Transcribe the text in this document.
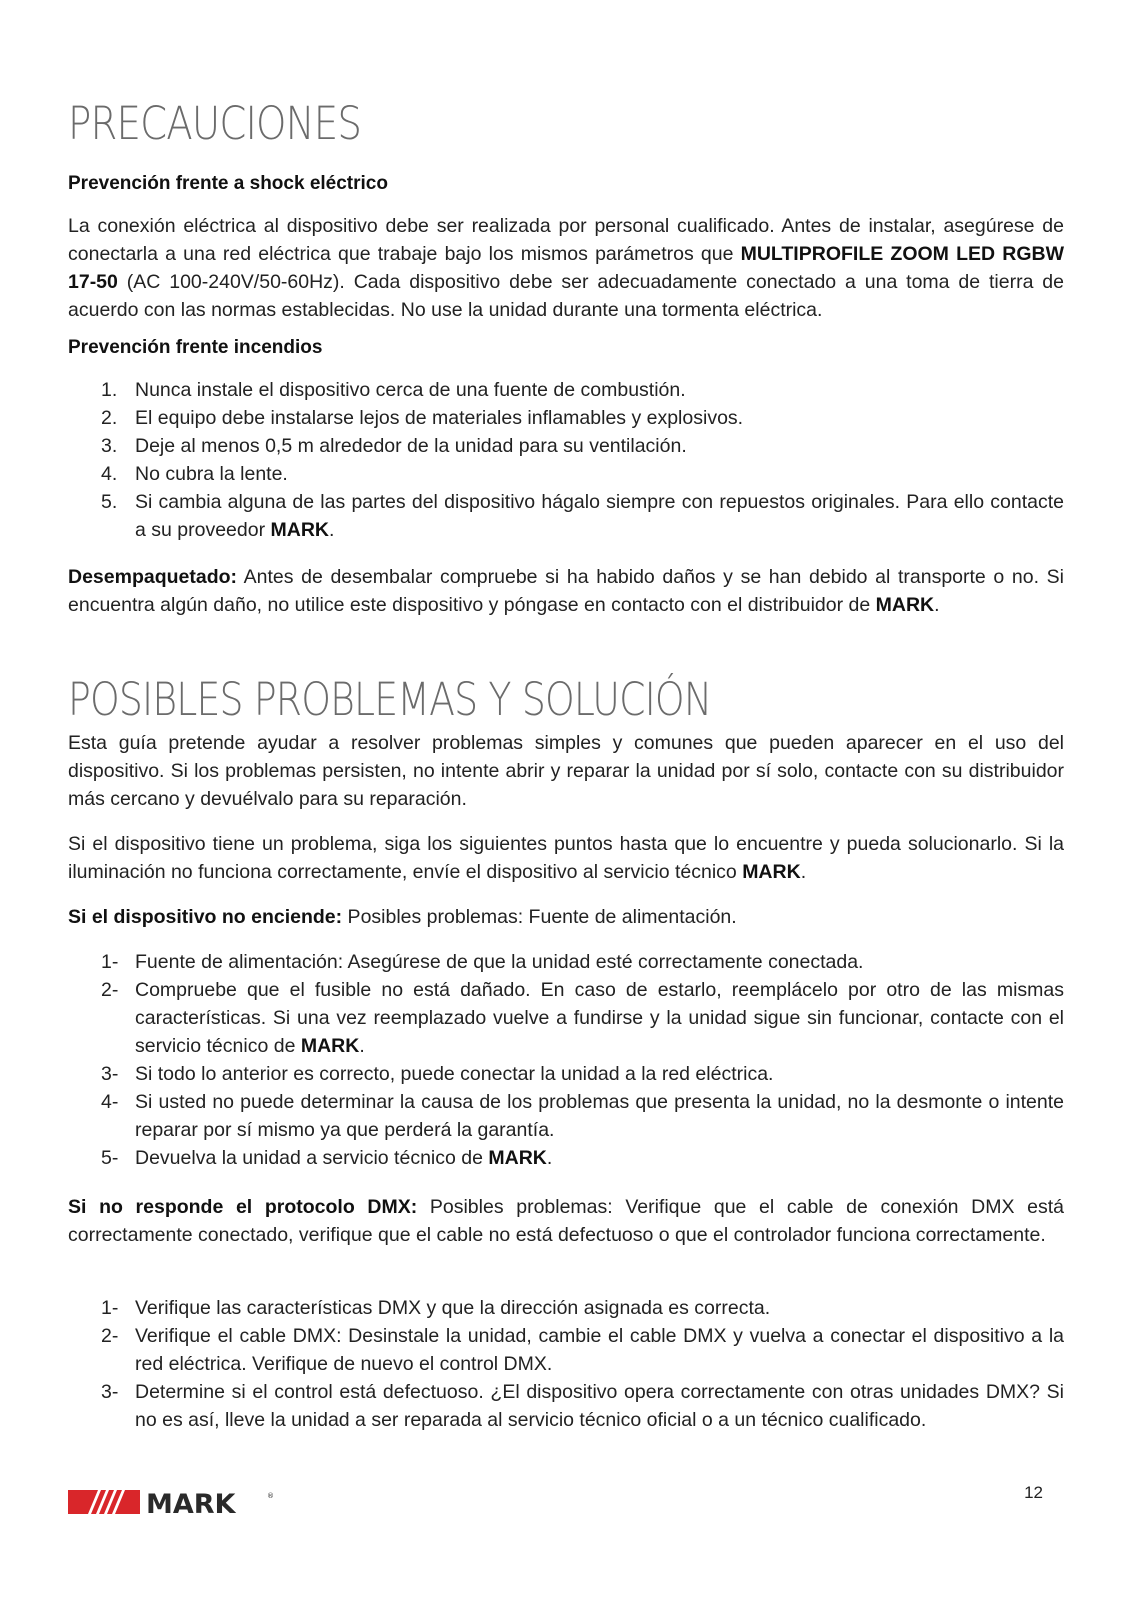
PRECAUCIONES
Prevención frente a shock eléctrico

La conexión eléctrica al dispositivo debe ser realizada por personal cualificado. Antes de instalar, asegúrese de conectarla a una red eléctrica que trabaje bajo los mismos parámetros que MULTIPROFILE ZOOM LED RGBW 17-50 (AC 100-240V/50-60Hz). Cada dispositivo debe ser adecuadamente conectado a una toma de tierra de acuerdo con las normas establecidas. No use la unidad durante una tormenta eléctrica.

Prevención frente incendios
1. Nunca instale el dispositivo cerca de una fuente de combustión.
2. El equipo debe instalarse lejos de materiales inflamables y explosivos.
3. Deje al menos 0,5 m alrededor de la unidad para su ventilación.
4. No cubra la lente.
5. Si cambia alguna de las partes del dispositivo hágalo siempre con repuestos originales. Para ello contacte a su proveedor MARK.

Desempaquetado: Antes de desembalar compruebe si ha habido daños y se han debido al transporte o no. Si encuentra algún daño, no utilice este dispositivo y póngase en contacto con el distribuidor de MARK.

POSIBLES PROBLEMAS Y SOLUCIÓN

Esta guía pretende ayudar a resolver problemas simples y comunes que pueden aparecer en el uso del dispositivo. Si los problemas persisten, no intente abrir y reparar la unidad por sí solo, contacte con su distribuidor más cercano y devuélvalo para su reparación.

Si el dispositivo tiene un problema, siga los siguientes puntos hasta que lo encuentre y pueda solucionarlo. Si la iluminación no funciona correctamente, envíe el dispositivo al servicio técnico MARK.

Si el dispositivo no enciende: Posibles problemas: Fuente de alimentación.

1- Fuente de alimentación: Asegúrese de que la unidad esté correctamente conectada.
2- Compruebe que el fusible no está dañado. En caso de estarlo, reemplácelo por otro de las mismas características. Si una vez reemplazado vuelve a fundirse y la unidad sigue sin funcionar, contacte con el servicio técnico de MARK.
3- Si todo lo anterior es correcto, puede conectar la unidad a la red eléctrica.
4- Si usted no puede determinar la causa de los problemas que presenta la unidad, no la desmonte o intente reparar por sí mismo ya que perderá la garantía.
5- Devuelva la unidad a servicio técnico de MARK.

Si no responde el protocolo DMX: Posibles problemas: Verifique que el cable de conexión DMX está correctamente conectado, verifique que el cable no está defectuoso o que el controlador funciona correctamente.

1- Verifique las características DMX y que la dirección asignada es correcta.
2- Verifique el cable DMX: Desinstale la unidad, cambie el cable DMX y vuelva a conectar el dispositivo a la red eléctrica. Verifique de nuevo el control DMX.
3- Determine si el control está defectuoso. ¿El dispositivo opera correctamente con otras unidades DMX? Si no es así, lleve la unidad a ser reparada al servicio técnico oficial o a un técnico cualificado.
MARK	®	12
